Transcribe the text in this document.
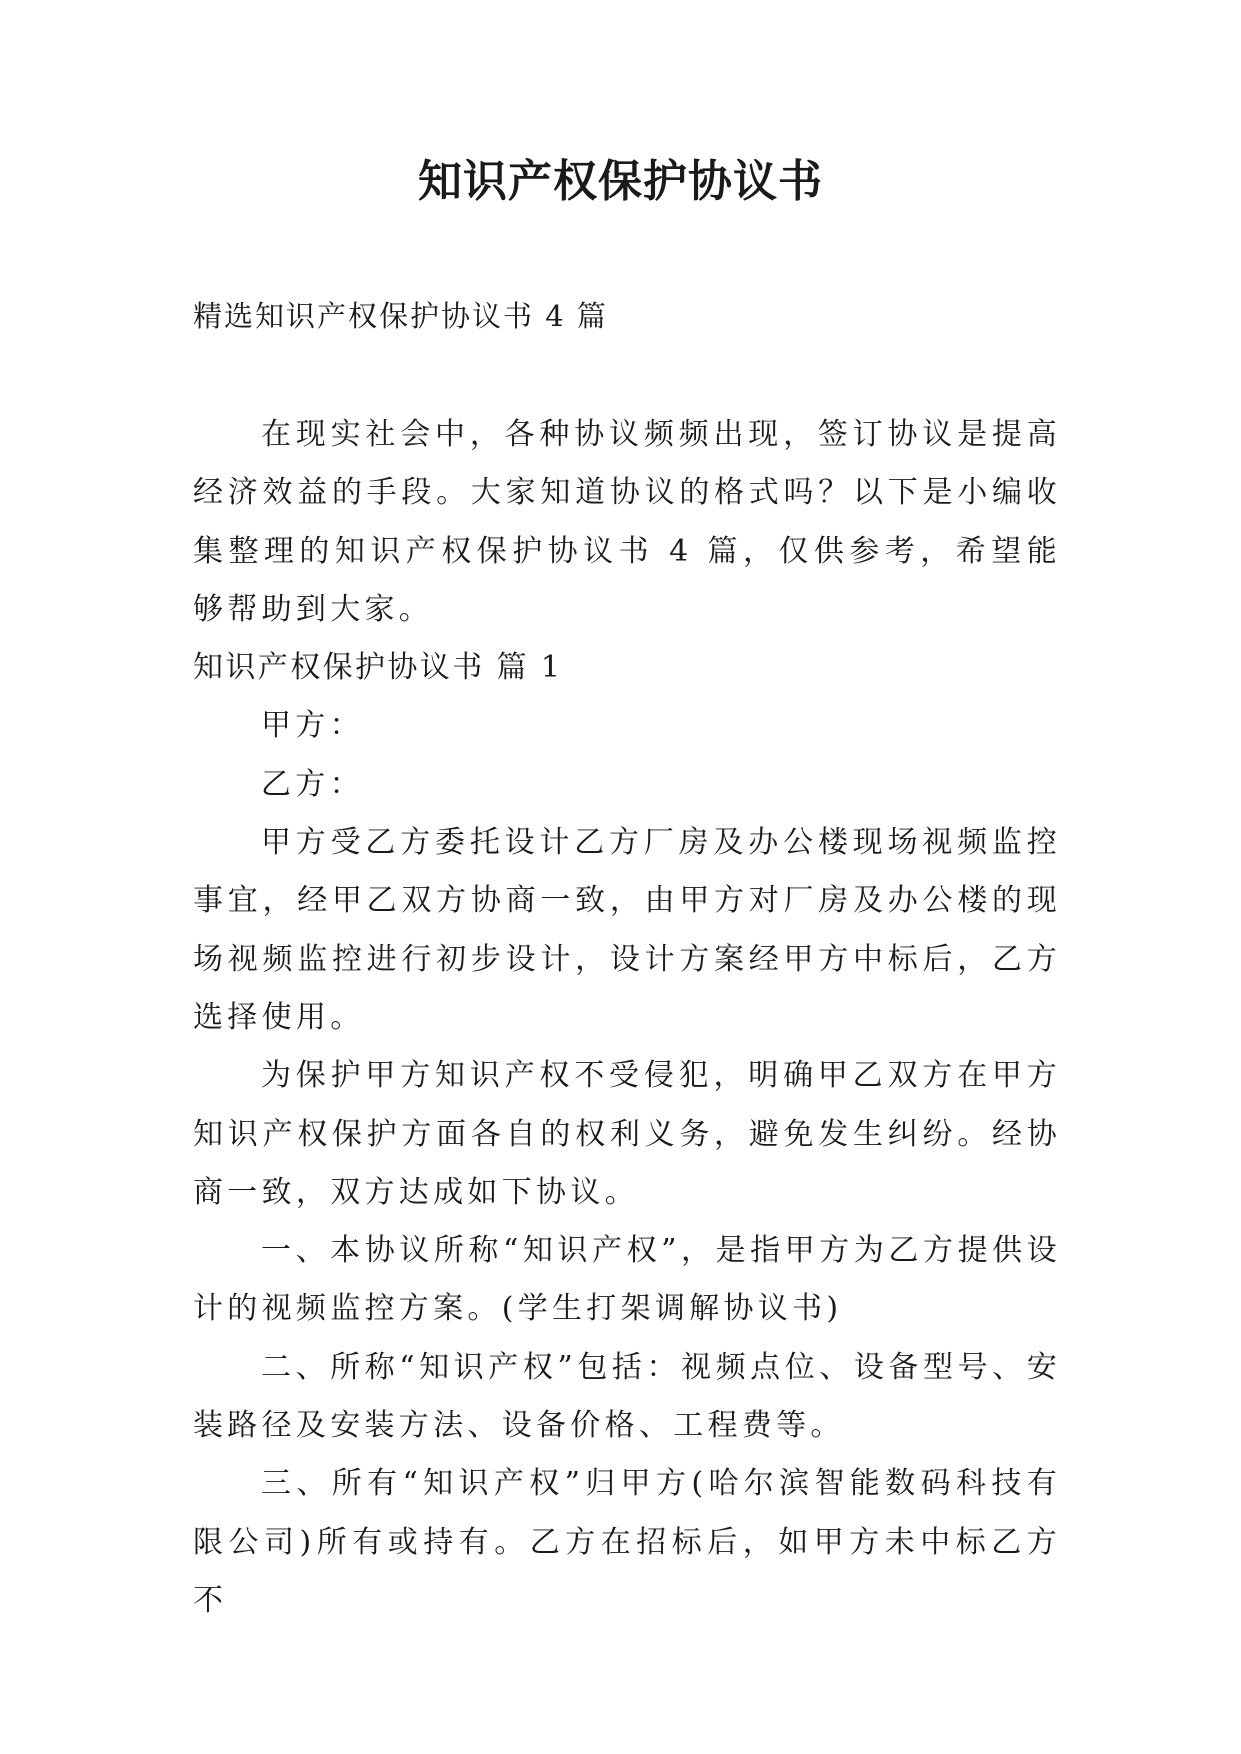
知识产权保护协议书

精选知识产权保护协议书 4 篇

在现实社会中，各种协议频频出现，签订协议是提高经济效益的手段。大家知道协议的格式吗？以下是小编收集整理的知识产权保护协议书 4 篇，仅供参考，希望能够帮助到大家。

知识产权保护协议书 篇 1

甲方：

乙方：

甲方受乙方委托设计乙方厂房及办公楼现场视频监控事宜，经甲乙双方协商一致，由甲方对厂房及办公楼的现场视频监控进行初步设计，设计方案经甲方中标后，乙方选择使用。

为保护甲方知识产权不受侵犯，明确甲乙双方在甲方知识产权保护方面各自的权利义务，避免发生纠纷。经协商一致，双方达成如下协议。

一、本协议所称“知识产权”，是指甲方为乙方提供设计的视频监控方案。(学生打架调解协议书)

二、所称“知识产权”包括：视频点位、设备型号、安装路径及安装方法、设备价格、工程费等。

三、所有“知识产权”归甲方(哈尔滨智能数码科技有限公司)所有或持有。乙方在招标后，如甲方未中标乙方不
